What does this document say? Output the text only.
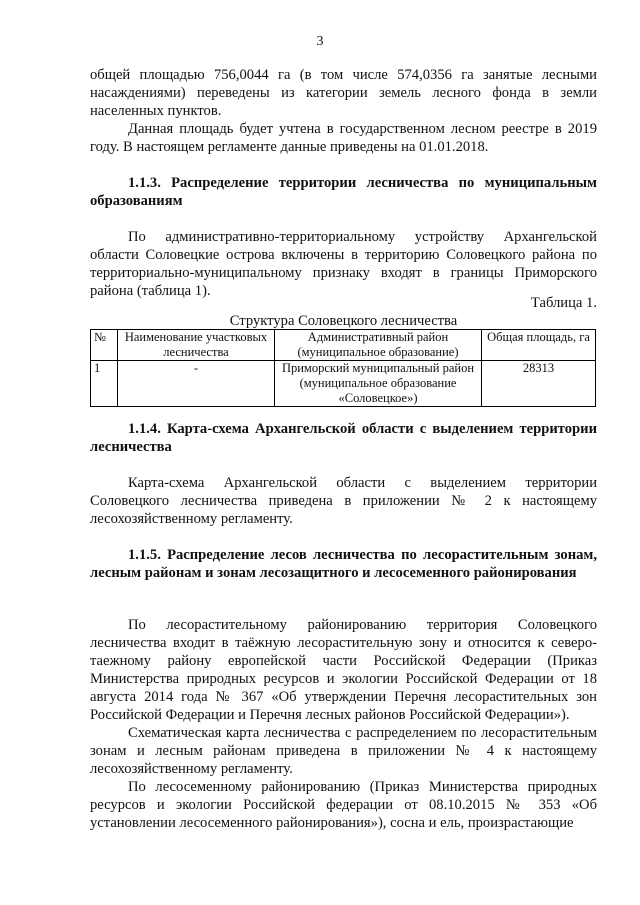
3

общей площадью 756,0044 га (в том числе 574,0356 га занятые лесными насаждениями) переведены из категории земель лесного фонда в земли населенных пунктов.

Данная площадь будет учтена в государственном лесном реестре в 2019 году. В настоящем регламенте данные приведены на 01.01.2018.

1.1.3. Распределение территории лесничества по муниципальным образованиям
По административно-территориальному устройству Архангельской области Соловецкие острова включены в территорию Соловецкого района по территориально-муниципальному признаку входят в границы Приморского района (таблица 1).
Таблица 1.
Структура Соловецкого лесничества
№	Наименование участковых лесничества	Административный район (муниципальное образование)	Общая площадь, га
1	-	Приморский муниципальный район (муниципальное образование «Соловецкое»)	28313
1.1.4. Карта-схема Архангельской области с выделением территории лесничества
Карта-схема Архангельской области с выделением территории Соловецкого лесничества приведена в приложении № 2 к настоящему лесохозяйственному регламенту.
1.1.5. Распределение лесов лесничества по лесорастительным зонам, лесным районам и зонам лесозащитного и лесосеменного районирования

По лесорастительному районированию территория Соловецкого лесничества входит в таёжную лесорастительную зону и относится к северо-таежному району европейской части Российской Федерации (Приказ Министерства природных ресурсов и экологии Российской Федерации от 18 августа 2014 года № 367 «Об утверждении Перечня лесорастительных зон Российской Федерации и Перечня лесных районов Российской Федерации»).

Схематическая карта лесничества с распределением по лесорастительным зонам и лесным районам приведена в приложении № 4 к настоящему лесохозяйственному регламенту.

По лесосеменному районированию (Приказ Министерства природных ресурсов и экологии Российской федерации от 08.10.2015 № 353 «Об установлении лесосеменного районирования»), сосна и ель, произрастающие
